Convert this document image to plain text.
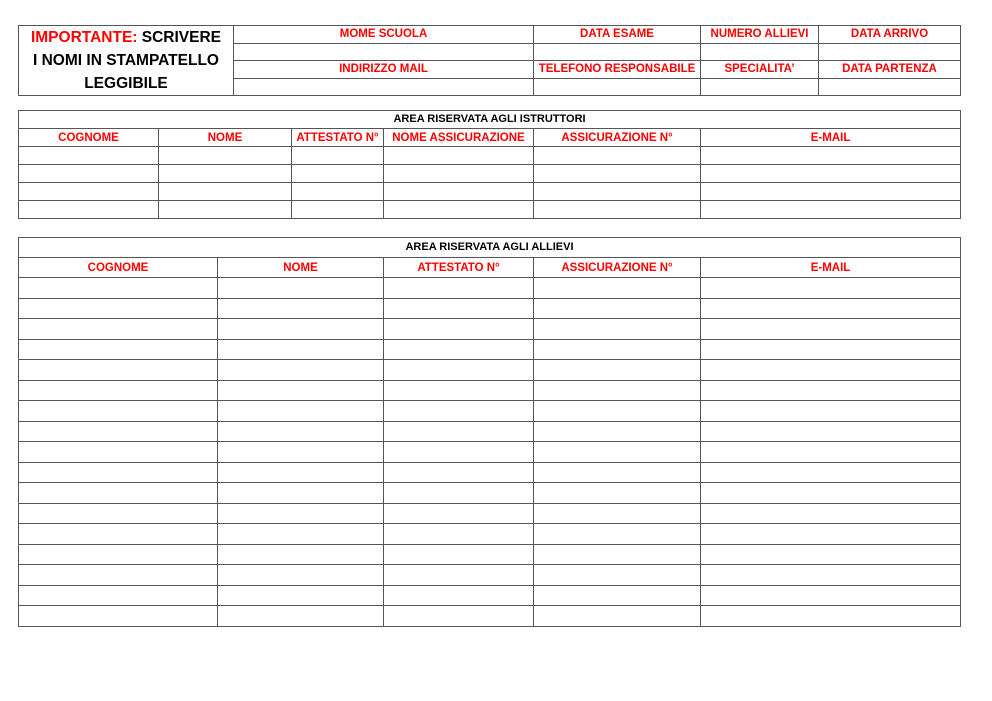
IMPORTANTE: SCRIVERE
I NOMI IN STAMPATELLO
LEGGIBILE	MOME SCUOLA	DATA ESAME	NUMERO ALLIEVI	DATA ARRIVO

	INDIRIZZO MAIL	TELEFONO RESPONSABILE	SPECIALITA’	DATA PARTENZA

AREA RISERVATA AGLI ISTRUTTORI					
COGNOME	NOME	ATTESTATO N°	NOME ASSICURAZIONE	ASSICURAZIONE N°	E-MAIL

AREA RISERVATA AGLI ALLIEVI				
COGNOME	NOME	ATTESTATO N°	ASSICURAZIONE N°	E-MAIL
